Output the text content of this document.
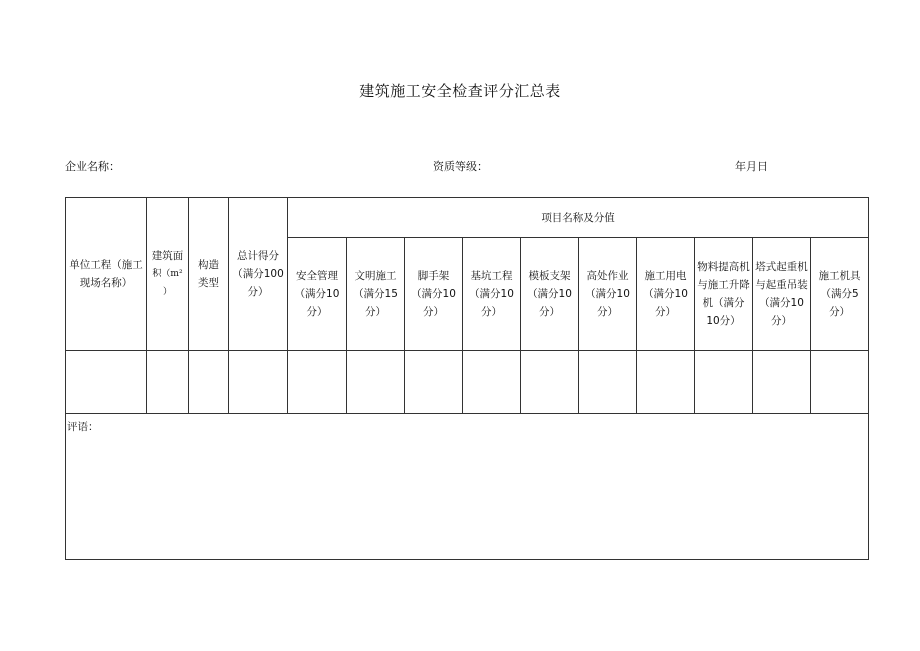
建筑施工安全检查评分汇总表
企业名称：	资质等级：	年月日
单位工程（施工
现场名称）	建筑面
积（m²
）	构造
类型	总计得分
（满分100
分）	项目名称及分值									

				安全管理
（满分10
分）	文明施工
（满分15
分）	脚手架
（满分10
分）	基坑工程
（满分10
分）	模板支架
（满分10
分）	高处作业
（满分10
分）	施工用电
（满分10
分）	物料提高机
与施工升降
机（满分
10分）	塔式起重机
与起重吊装
（满分10
分）	施工机具
（满分5
分）

评语：													
